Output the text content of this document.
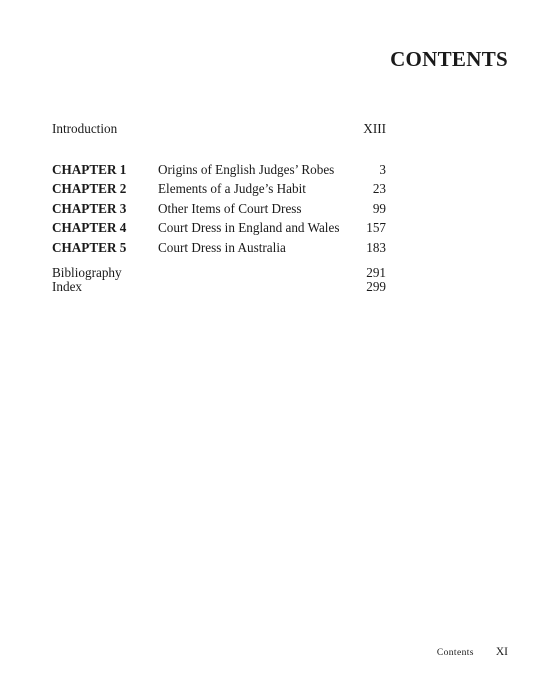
CONTENTS
Introduction	XIII
CHAPTER 1 Origins of English Judges’ Robes	3
CHAPTER 2 Elements of a Judge’s Habit	23
CHAPTER 3 Other Items of Court Dress	99
CHAPTER 4 Court Dress in England and Wales 157
CHAPTER 5 Court Dress in Australia	183
Bibliography	291
Index	299
Contents XI
